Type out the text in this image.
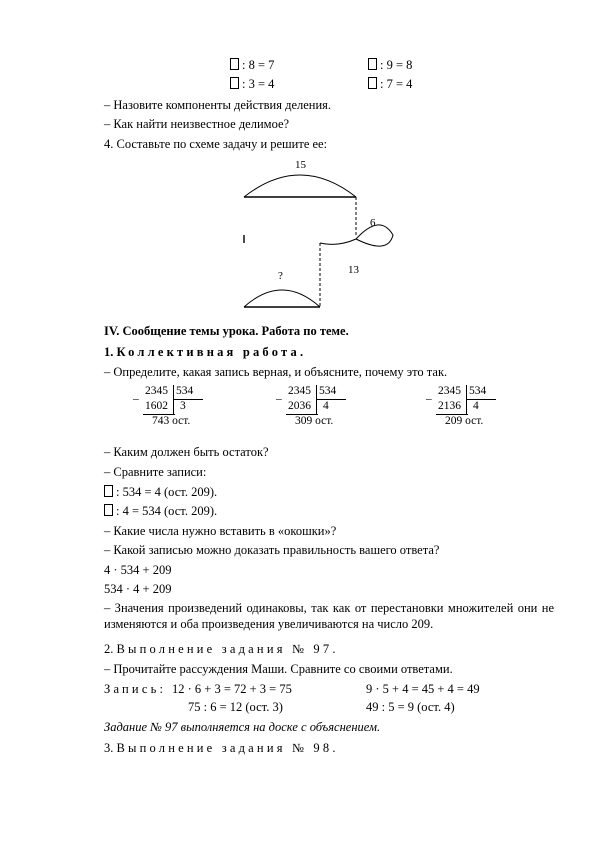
: 8 = 7	: 9 = 8
: 3 = 4	: 7 = 4
– Назовите компоненты действия деления.
– Как найти неизвестное делимое?
4. Составьте по схеме задачу и решите ее:
15
6
13
?
IV. Сообщение темы урока. Работа по теме.
1. Коллективная работа.
– Определите, какая запись верная, и объясните, почему это так.
–
2345 534
1602 3
743 ост.
–
2345 534
2036 4
309 ост.
–
2345 534
2136 4
209 ост.
– Каким должен быть остаток?
– Сравните записи:
: 534 = 4 (ост. 209).
: 4 = 534 (ост. 209).
– Какие числа нужно вставить в «окошки»?
– Какой записью можно доказать правильность вашего ответа?
4 · 534 + 209
534 · 4 + 209
– Значения произведений одинаковы, так как от перестановки множителей они не изменяются и оба произведения увеличиваются на число 209.
2. Выполнение задания № 97.
– Прочитайте рассуждения Маши. Сравните со своими ответами.
Запись: 12 · 6 + 3 = 72 + 3 = 75	9 · 5 + 4 = 45 + 4 = 49
75 : 6 = 12 (ост. 3)	49 : 5 = 9 (ост. 4)
Задание № 97 выполняется на доске с объяснением.
3. Выполнение задания № 98.
